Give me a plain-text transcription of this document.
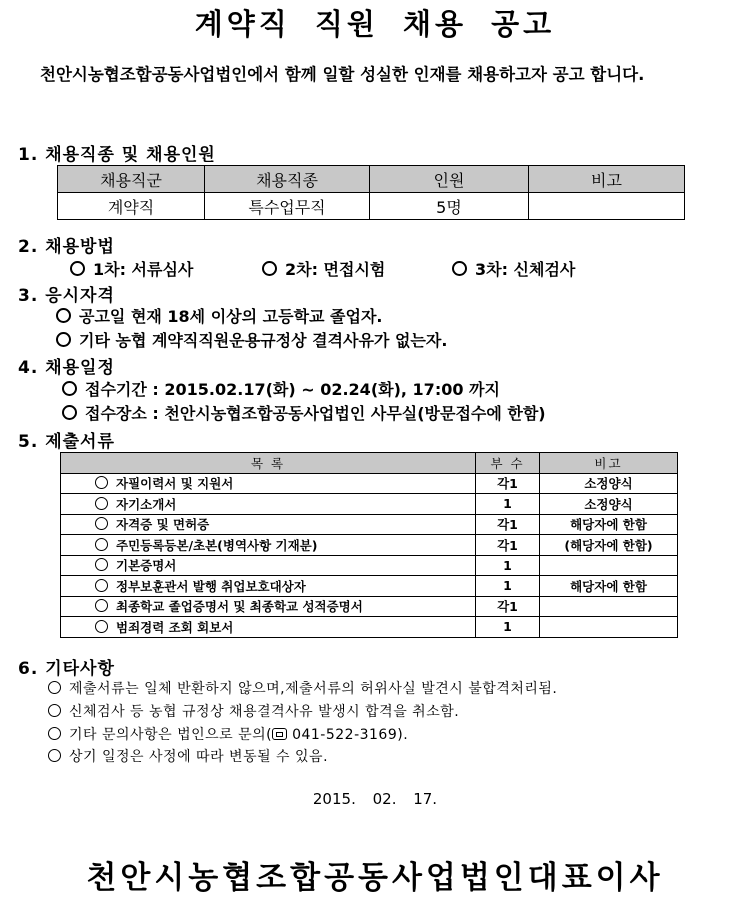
계약직 직원 채용 공고
천안시농협조합공동사업법인에서 함께 일할 성실한 인재를 채용하고자 공고 합니다.
1. 채용직종 및 채용인원
채용직군	채용직종	인원	비고
계약직	특수업무직	5명	
2. 채용방법
1차: 서류심사	2차: 면접시험	3차: 신체검사
3. 응시자격
공고일 현재 18세 이상의 고등학교 졸업자.
기타 농협 계약직직원운용규정상 결격사유가 없는자.
4. 채용일정
접수기간 : 2015.02.17(화) ~ 02.24(화), 17:00 까지
접수장소 : 천안시농협조합공동사업법인 사무실(방문접수에 한함)
5. 제출서류
목 록	부 수	비고
자필이력서 및 지원서	각1	소정양식
자기소개서	1	소정양식
자격증 및 면허증	각1	해당자에 한함
주민등록등본/초본(병역사항 기재분)	각1	(해당자에 한함)
기본증명서	1	
정부보훈관서 발행 취업보호대상자	1	해당자에 한함
최종학교 졸업증명서 및 최종학교 성적증명서	각1	
범죄경력 조회 회보서	1	
6. 기타사항
제출서류는 일체 반환하지 않으며,제출서류의 허위사실 발견시 불합격처리됨.
신체검사 등 농협 규정상 채용결격사유 발생시 합격을 취소함.
기타 문의사항은 법인으로 문의( 041-522-3169).
상기 일정은 사정에 따라 변동될 수 있음.
2015. 02. 17.
천안시농협조합공동사업법인대표이사
